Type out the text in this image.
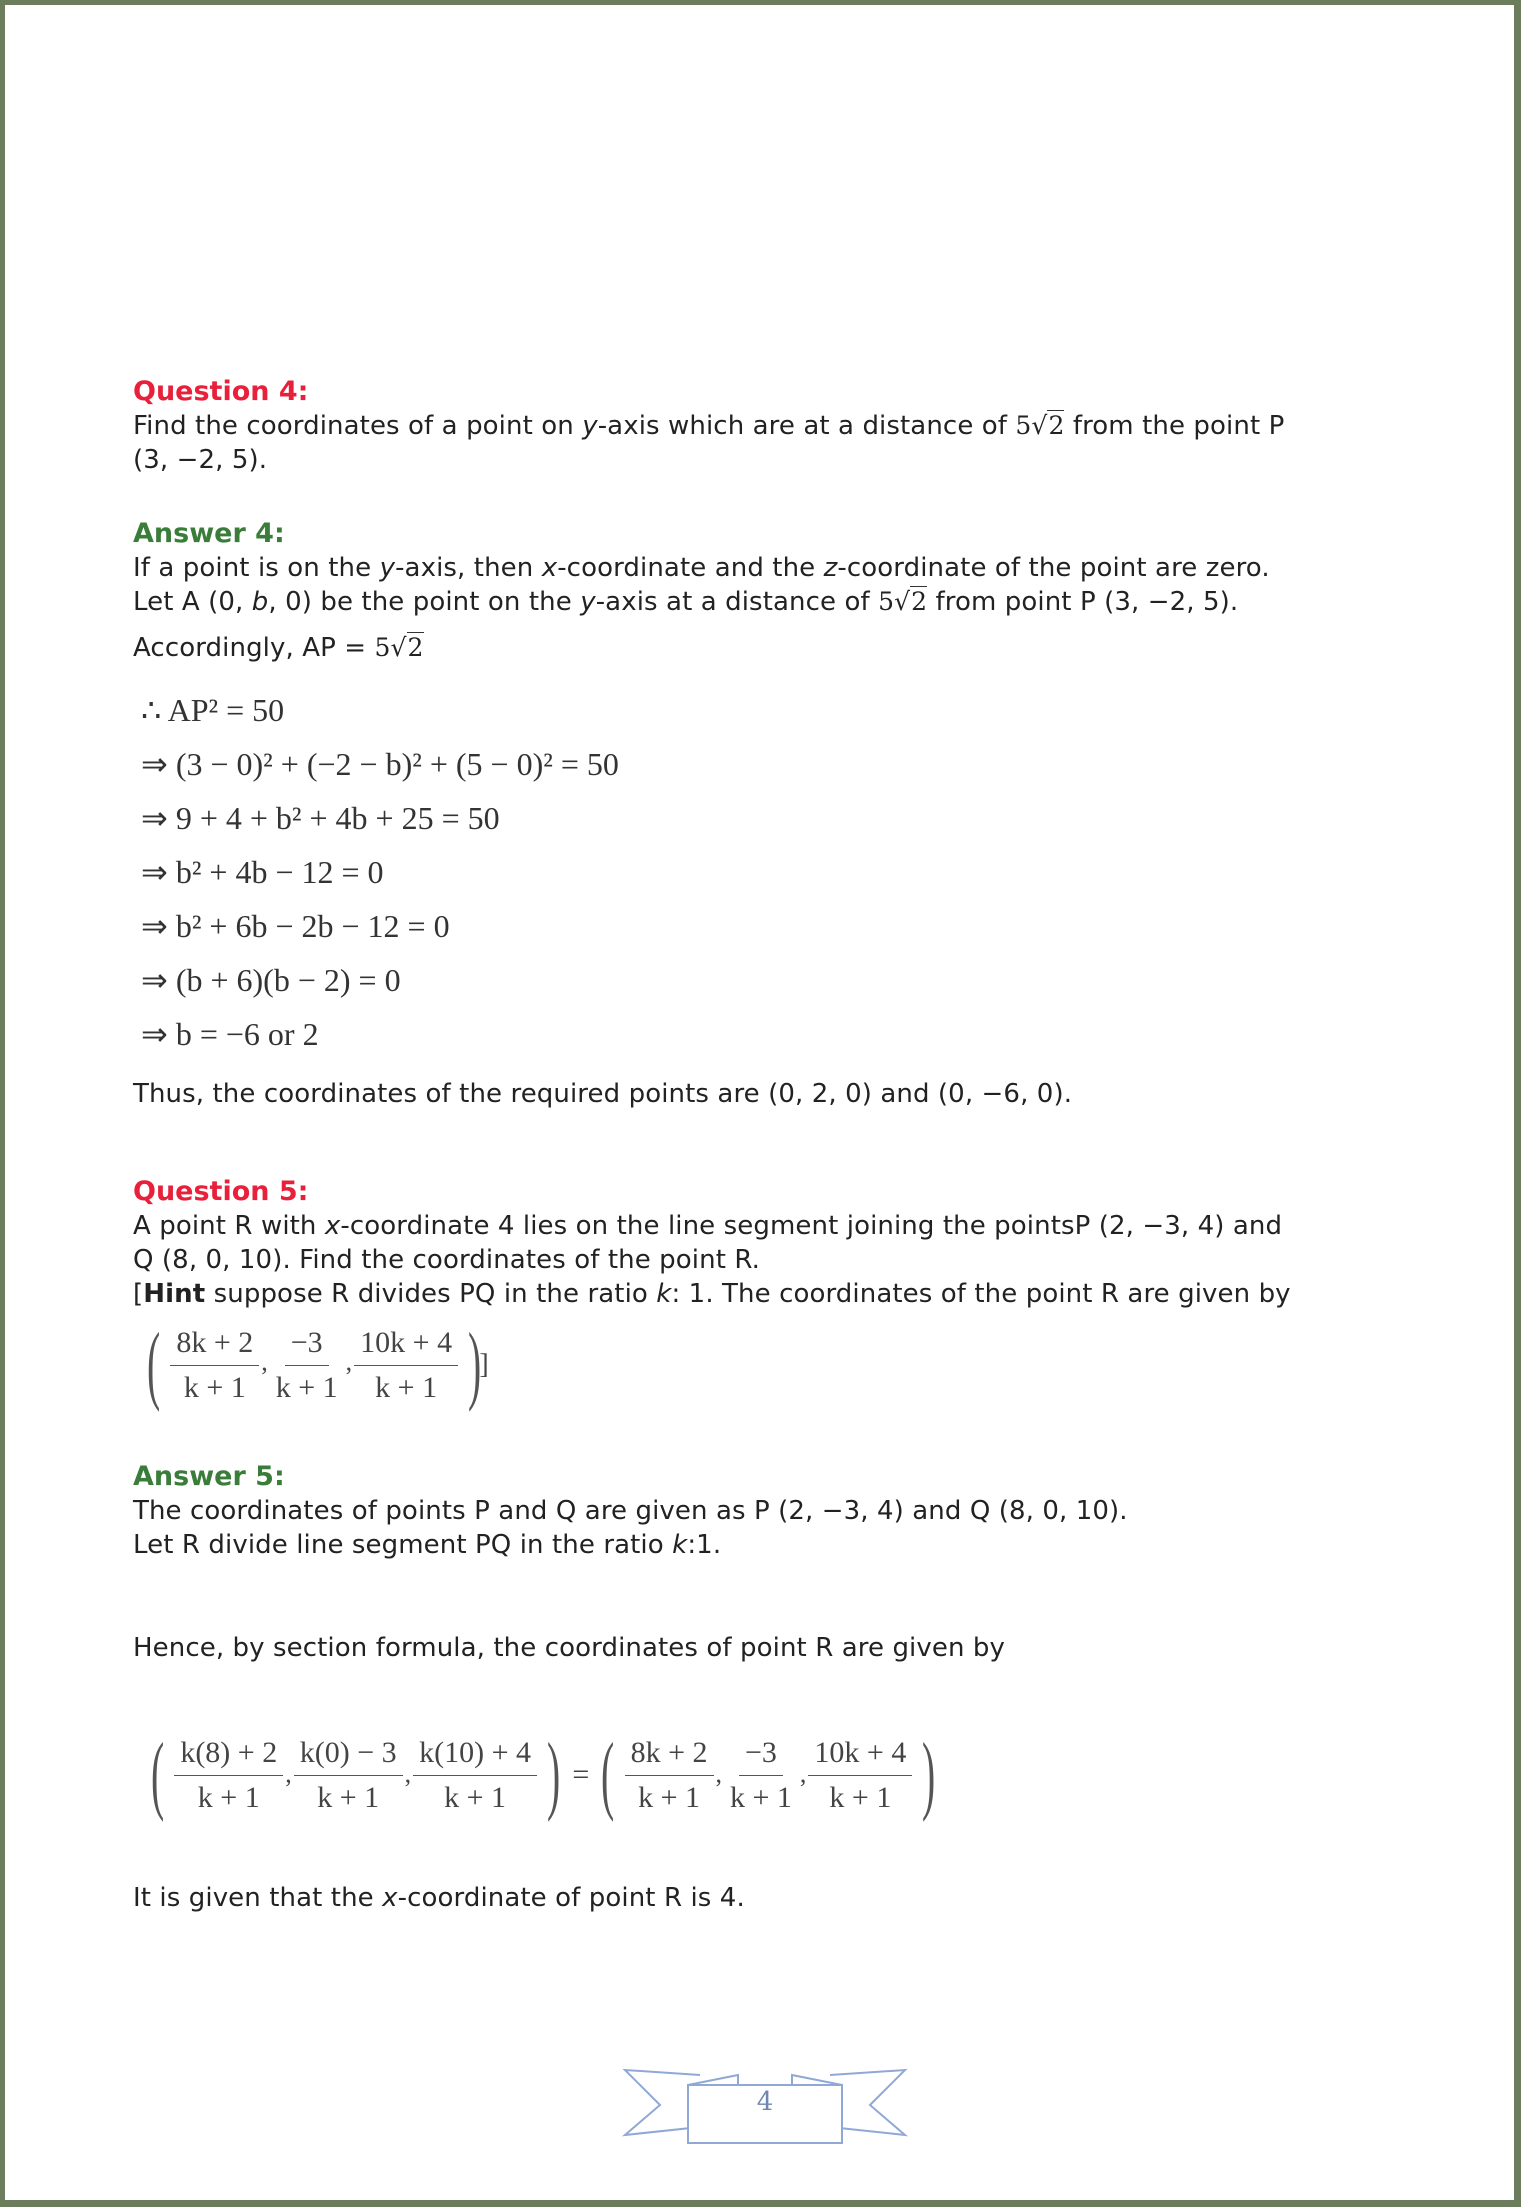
Question 4:
Find the coordinates of a point on y-axis which are at a distance of 5√2 from the point P
(3, −2, 5).
Answer 4:
If a point is on the y-axis, then x-coordinate and the z-coordinate of the point are zero.
Let A (0, b, 0) be the point on the y-axis at a distance of 5√2 from point P (3, −2, 5).
Accordingly, AP = 5√2
∴ AP² = 50
⇒ (3 − 0)² + (−2 − b)² + (5 − 0)² = 50
⇒ 9 + 4 + b² + 4b + 25 = 50
⇒ b² + 4b − 12 = 0
⇒ b² + 6b − 2b − 12 = 0
⇒ (b + 6)(b − 2) = 0
⇒ b = −6 or 2
Thus, the coordinates of the required points are (0, 2, 0) and (0, −6, 0).
Question 5:
A point R with x-coordinate 4 lies on the line segment joining the pointsP (2, −3, 4) and
Q (8, 0, 10). Find the coordinates of the point R.
[Hint suppose R divides PQ in the ratio k: 1. The coordinates of the point R are given by
( $\frac{8k + 2}{k + 1}$ , $\frac{-3}{k + 1}$ , $\frac{10k + 4}{k + 1}$ )
]
Answer 5:
The coordinates of points P and Q are given as P (2, −3, 4) and Q (8, 0, 10).
Let R divide line segment PQ in the ratio k:1.
Hence, by section formula, the coordinates of point R are given by
( $\frac{k(8) + 2}{k + 1}$ , $\frac{k(0) - 3}{k + 1}$ , $\frac{k(10) + 4}{k + 1}$ ) = ( $\frac{8k + 2}{k + 1}$ , $\frac{-3}{k + 1}$ , $\frac{10k + 4}{k + 1}$ )
It is given that the x-coordinate of point R is 4.
4
